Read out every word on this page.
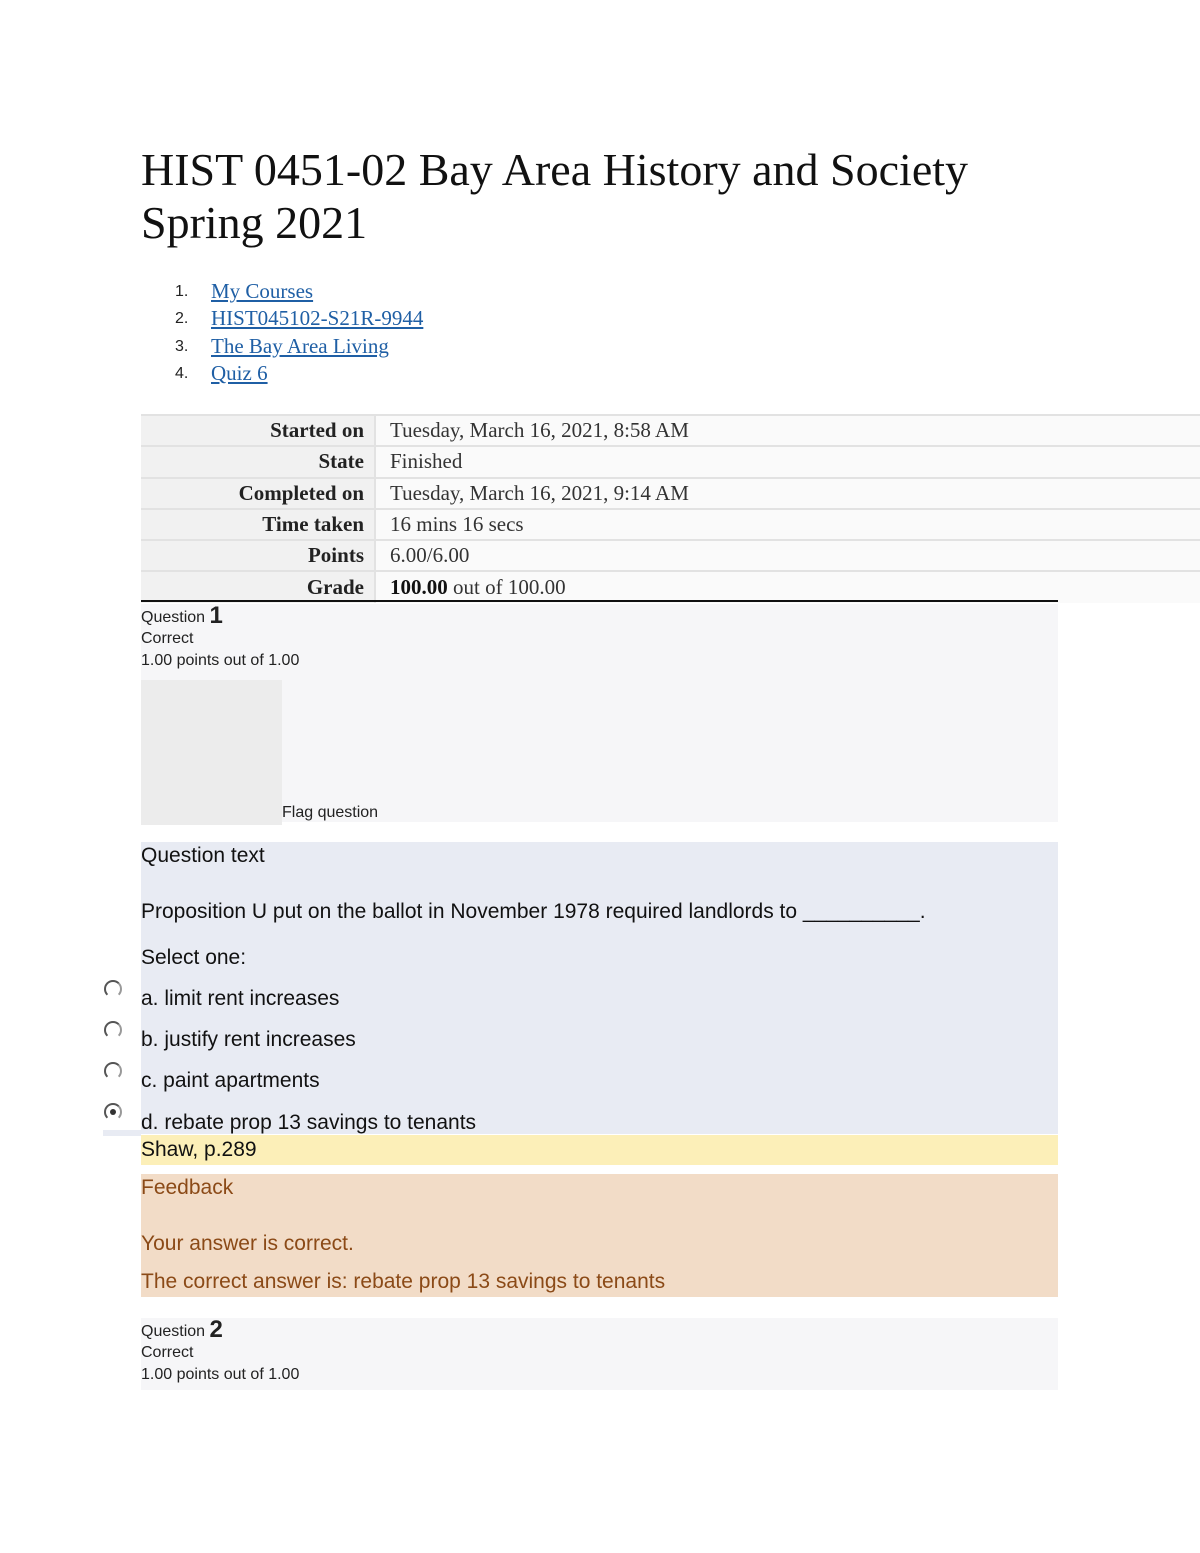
HIST 0451-02 Bay Area History and Society
Spring 2021
1. My Courses
2. HIST045102-S21R-9944
3. The Bay Area Living
4. Quiz 6
Started on	Tuesday, March 16, 2021, 8:58 AM
State	Finished
Completed on	Tuesday, March 16, 2021, 9:14 AM
Time taken	16 mins 16 secs
Points	6.00/6.00
Grade	100.00 out of 100.00
Question 1
Correct
1.00 points out of 1.00
Flag question
Question text
Proposition U put on the ballot in November 1978 required landlords to __________.
Select one:
a. limit rent increases
b. justify rent increases
c. paint apartments
d. rebate prop 13 savings to tenants
Shaw, p.289
Feedback
Your answer is correct.
The correct answer is: rebate prop 13 savings to tenants
Question 2
Correct
1.00 points out of 1.00
